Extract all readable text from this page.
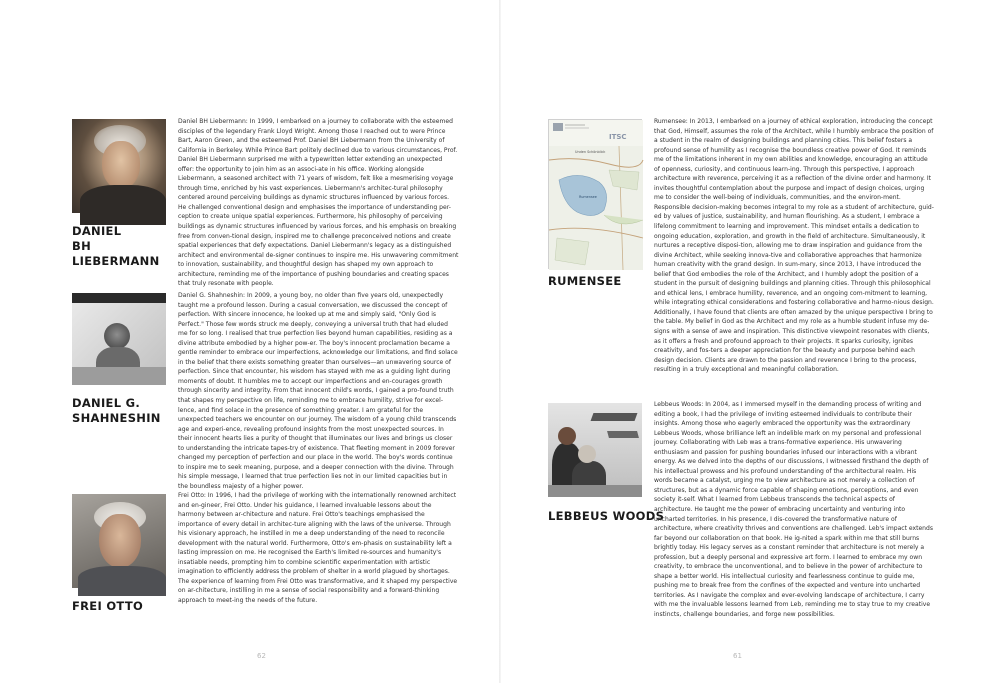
DANIEL
BH
LIEBERMANN

Daniel BH Liebermann: In 1999, I embarked on a journey to collaborate with the esteemed disciples of the legendary Frank Lloyd Wright. Among those I reached out to were Prince Bart, Aaron Green, and the esteemed Prof. Daniel BH Liebermann from the University of California in Berkeley. While Prince Bart politely declined due to various circumstances, Prof. Daniel BH Liebermann surprised me with a typewritten letter extending an unexpected offer: the opportunity to join him as an associ-ate in his office. Working alongside Liebermann, a seasoned architect with 71 years of wisdom, felt like a mesmerising voyage through time, enriched by his vast experiences. Liebermann's architec-tural philosophy centered around perceiving buildings as dynamic structures influenced by various forces. He challenged conventional design and emphasises the importance of understanding per-ception to create unique spatial experiences. Furthermore, his philosophy of perceiving buildings as dynamic structures influenced by various forces, and his emphasis on breaking free from conven-tional design, inspired me to challenge preconceived notions and create spatial experiences that defy expectations. Daniel Liebermann's legacy as a distinguished architect and environmental de-signer continues to inspire me. His unwavering commitment to innovation, sustainability, and thoughtful design has shaped my own approach to architecture, reminding me of the importance of pushing boundaries and creating spaces that truly resonate with people.

DANIEL G.
SHAHNESHIN

Daniel G. Shahneshin: In 2009, a young boy, no older than five years old, unexpectedly taught me a profound lesson. During a casual conversation, we discussed the concept of perfection. With sincere innocence, he looked up at me and simply said, "Only God is Perfect." Those few words struck me deeply, conveying a universal truth that had eluded me for so long. I realised that true perfection lies beyond human capabilities, residing as a divine attribute embodied by a higher pow-er. The boy's innocent proclamation became a gentle reminder to embrace our imperfections, acknowledge our limitations, and find solace in the belief that there exists something greater than ourselves—an unwavering source of perfection. Since that encounter, his wisdom has stayed with me as a guiding light during moments of doubt. It humbles me to accept our imperfections and en-courages growth through sincerity and integrity. From that innocent child's words, I gained a pro-found truth that shapes my perspective on life, reminding me to embrace humility, strive for excel-lence, and find solace in the presence of something greater. I am grateful for the unexpected teachers we encounter on our journey. The wisdom of a young child transcends age and experi-ence, revealing profound insights from the most unexpected sources. In their innocent hearts lies a purity of thought that illuminates our lives and brings us closer to understanding the intricate tapes-try of existence. That fleeting moment in 2009 forever changed my perception of perfection and our place in the world. The boy's words continue to inspire me to seek meaning, purpose, and a deeper connection with the divine. Through his simple message, I learned that true perfection lies not in our limited capacities but in the boundless majesty of a higher power.

FREI OTTO

Frei Otto: In 1996, I had the privilege of working with the internationally renowned architect and en-gineer, Frei Otto. Under his guidance, I learned invaluable lessons about the harmony between ar-chitecture and nature. Frei Otto's teachings emphasised the importance of every detail in architec-ture aligning with the laws of the universe. Through his visionary approach, he instilled in me a deep understanding of the need to reconcile development with the natural world. Furthermore, Otto's em-phasis on sustainability left a lasting impression on me. He recognised the Earth's limited re-sources and humanity's insatiable needs, prompting him to combine scientific experimentation with artistic imagination to efficiently address the problem of shelter in a world plagued by shortages. The experience of learning from Frei Otto was transformative, and it shaped my perspective on ar-chitecture, instilling in me a sense of social responsibility and a forward-thinking approach to meet-ing the needs of the future.

ITSC
Unden Schönblick
Rumensee
RUMENSEE

Rumensee: In 2013, I embarked on a journey of ethical exploration, introducing the concept that God, Himself, assumes the role of the Architect, while I humbly embrace the position of a student in the realm of designing buildings and planning cities. This belief fosters a profound sense of humility as I recognise the boundless creative power of God. It reminds me of the limitations inherent in my own abilities and knowledge, encouraging an attitude of openness, curiosity, and continuous learn-ing. Through this perspective, I approach architecture with reverence, perceiving it as a reflection of the divine order and harmony. It invites thoughtful contemplation about the purpose and impact of design choices, urging me to consider the well-being of individuals, communities, and the environ-ment. Responsible decision-making becomes integral to my role as a student of architecture, guid-ed by values of justice, sustainability, and human flourishing. As a student, I embrace a lifelong commitment to learning and improvement. This mindset entails a dedication to ongoing education, exploration, and growth in the field of architecture. Simultaneously, it nurtures a receptive disposi-tion, allowing me to draw inspiration and guidance from the divine Architect, while seeking innova-tive and collaborative approaches that harmonize human creativity with the grand design. In sum-mary, since 2013, I have introduced the belief that God embodies the role of the Architect, and I humbly adopt the position of a student in the pursuit of designing buildings and planning cities. Through this philosophical and ethical lens, I embrace humility, reverence, and an ongoing com-mitment to learning, while integrating ethical considerations and fostering collaborative and harmo-nious design. Additionally, I have found that clients are often amazed by the unique perspective I bring to the table. My belief in God as the Architect and my role as a humble student infuse my de-signs with a sense of awe and inspiration. This distinctive viewpoint resonates with clients, as it offers a fresh and profound approach to their projects. It sparks curiosity, ignites creativity, and fos-ters a deeper appreciation for the beauty and purpose behind each design decision. Clients are drawn to the passion and reverence I bring to the process, resulting in a truly exceptional and meaningful collaboration.

LEBBEUS WOODS

Lebbeus Woods: In 2004, as I immersed myself in the demanding process of writing and editing a book, I had the privilege of inviting esteemed individuals to contribute their insights. Among those who eagerly embraced the opportunity was the extraordinary Lebbeus Woods, whose brilliance left an indelible mark on my personal and professional journey. Collaborating with Leb was a trans-formative experience. His unwavering enthusiasm and passion for pushing boundaries infused our interactions with a vibrant energy. As we delved into the depths of our discussions, I witnessed firsthand the depth of his intellectual prowess and his profound understanding of the architectural realm. His words became a catalyst, urging me to view architecture as not merely a collection of structures, but as a dynamic force capable of shaping emotions, perceptions, and even society it-self. What I learned from Lebbeus transcends the technical aspects of architecture. He taught me the power of embracing uncertainty and venturing into uncharted territories. In his presence, I dis-covered the transformative nature of architecture, where creativity thrives and conventions are challenged. Leb's impact extends far beyond our collaboration on that book. He ig-nited a spark within me that still burns brightly today. His legacy serves as a constant reminder that architecture is not merely a profession, but a deeply personal and expressive art form. I learned to embrace my own creativity, to embrace the unconventional, and to believe in the power of architecture to shape a better world. His intellectual curiosity and fearlessness continue to guide me, pushing me to break free from the confines of the expected and venture into uncharted territories. As I navigate the complex and ever-evolving landscape of architecture, I carry with me the invaluable lessons learned from Leb, reminding me to stay true to my creative instincts, challenge boundaries, and forge new possibilities.

62	61
